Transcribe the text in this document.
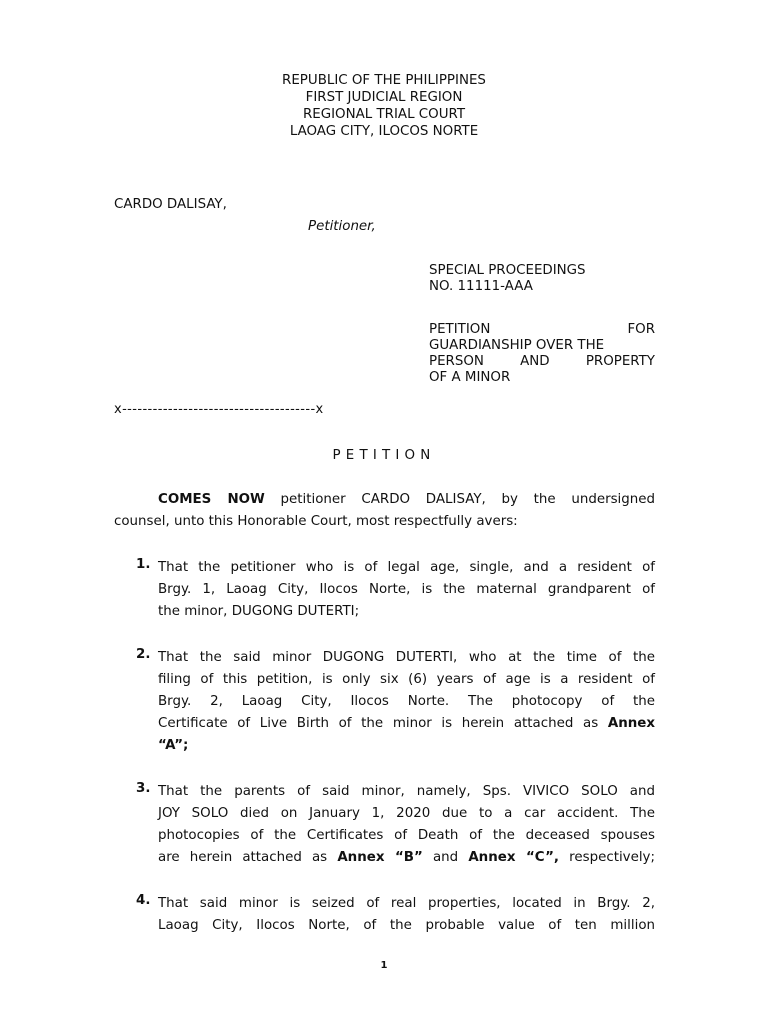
REPUBLIC OF THE PHILIPPINES
FIRST JUDICIAL REGION
REGIONAL TRIAL COURT
LAOAG CITY, ILOCOS NORTE
CARDO DALISAY,
Petitioner,
SPECIAL PROCEEDINGS
NO. 11111-AAA
PETITION	FOR
GUARDIANSHIP OVER THE
PERSON	AND	PROPERTY
OF A MINOR
x--------------------------------------x
PETITION
COMES NOW petitioner CARDO DALISAY, by the undersigned
counsel, unto this Honorable Court, most respectfully avers:
1. That the petitioner who is of legal age, single, and a resident of
Brgy. 1, Laoag City, Ilocos Norte, is the maternal grandparent of
the minor, DUGONG DUTERTI;
2. That the said minor DUGONG DUTERTI, who at the time of the
filing of this petition, is only six (6) years of age is a resident of
Brgy. 2, Laoag City, Ilocos Norte. The photocopy of the
Certificate of Live Birth of the minor is herein attached as Annex
“A”;
3. That the parents of said minor, namely, Sps. VIVICO SOLO and
JOY SOLO died on January 1, 2020 due to a car accident. The
photocopies of the Certificates of Death of the deceased spouses
are herein attached as Annex “B” and Annex “C”, respectively;
4. That said minor is seized of real properties, located in Brgy. 2,
Laoag City, Ilocos Norte, of the probable value of ten million
1
